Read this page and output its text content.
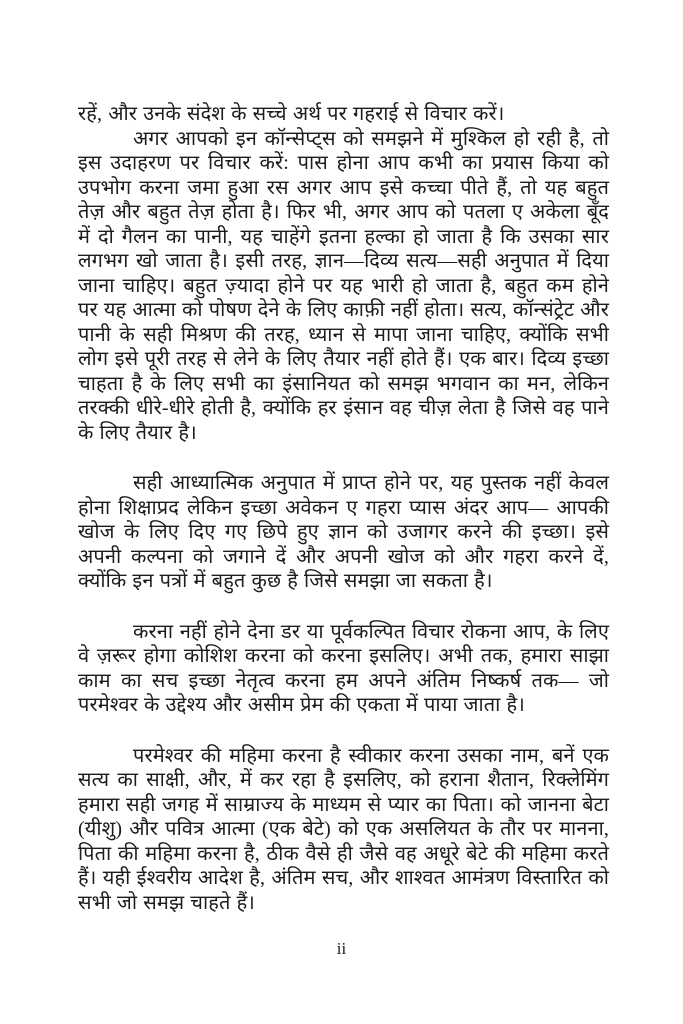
रहें, और उनके संदेश के सच्चे अर्थ पर गहराई से विचार करें।

अगर आपको इन कॉन्सेप्ट्स को समझने में मुश्किल हो रही है, तो इस उदाहरण पर विचार करें: पास होना आप कभी का प्रयास किया को उपभोग करना जमा हुआ रस अगर आप इसे कच्चा पीते हैं, तो यह बहुत तेज़ और बहुत तेज़ होता है। फिर भी, अगर आप को पतला ए अकेला बूँद में दो गैलन का पानी, यह चाहेंगे इतना हल्का हो जाता है कि उसका सार लगभग खो जाता है। इसी तरह, ज्ञान—दिव्य सत्य—सही अनुपात में दिया जाना चाहिए। बहुत ज़्यादा होने पर यह भारी हो जाता है, बहुत कम होने पर यह आत्मा को पोषण देने के लिए काफ़ी नहीं होता। सत्य, कॉन्संट्रेट और पानी के सही मिश्रण की तरह, ध्यान से मापा जाना चाहिए, क्योंकि सभी लोग इसे पूरी तरह से लेने के लिए तैयार नहीं होते हैं। एक बार। दिव्य इच्छा चाहता है के लिए सभी का इंसानियत को समझ भगवान का मन, लेकिन तरक्की धीरे-धीरे होती है, क्योंकि हर इंसान वह चीज़ लेता है जिसे वह पाने के लिए तैयार है।

सही आध्यात्मिक अनुपात में प्राप्त होने पर, यह पुस्तक नहीं केवल होना शिक्षाप्रद लेकिन इच्छा अवेकन ए गहरा प्यास अंदर आप— आपकी खोज के लिए दिए गए छिपे हुए ज्ञान को उजागर करने की इच्छा। इसे अपनी कल्पना को जगाने दें और अपनी खोज को और गहरा करने दें, क्योंकि इन पत्रों में बहुत कुछ है जिसे समझा जा सकता है।

करना नहीं होने देना डर या पूर्वकल्पित विचार रोकना आप, के लिए वे ज़रूर होगा कोशिश करना को करना इसलिए। अभी तक, हमारा साझा काम का सच इच्छा नेतृत्व करना हम अपने अंतिम निष्कर्ष तक— जो परमेश्वर के उद्देश्य और असीम प्रेम की एकता में पाया जाता है।

परमेश्वर की महिमा करना है स्वीकार करना उसका नाम, बनें एक सत्य का साक्षी, और, में कर रहा है इसलिए, को हराना शैतान, रिक्लेमिंग हमारा सही जगह में साम्राज्य के माध्यम से प्यार का पिता। को जानना बेटा (यीशु) और पवित्र आत्मा (एक बेटे) को एक असलियत के तौर पर मानना, पिता की महिमा करना है, ठीक वैसे ही जैसे वह अधूरे बेटे की महिमा करते हैं। यही ईश्वरीय आदेश है, अंतिम सच, और शाश्वत आमंत्रण विस्तारित को सभी जो समझ चाहते हैं।

ii
